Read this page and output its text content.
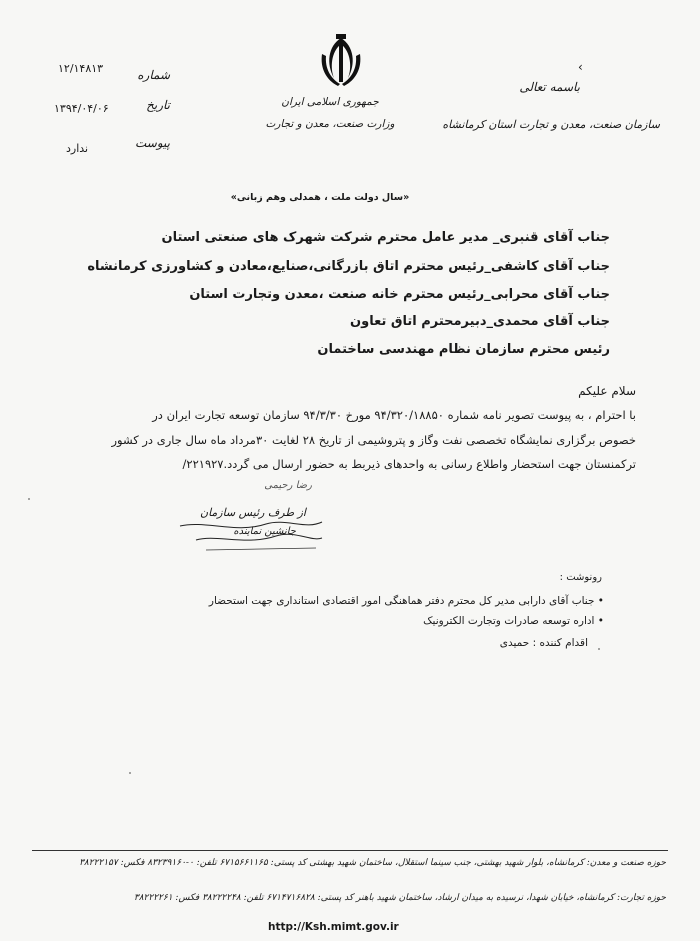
شماره
۱۲/۱۴۸۱۳
تاریخ
۱۳۹۴/۰۴/۰۶
پیوست
ندارد
جمهوری اسلامی ایران
وزارت صنعت، معدن و تجارت
باسمه تعالی
سازمان صنعت، معدن و تجارت استان کرمانشاه
‹
«سال دولت ملت ، همدلی وهم زبانی»
جناب آقای قنبری_ مدیر عامل محترم شرکت شهرک های صنعتی استان
جناب آقای کاشفی_رئیس محترم اتاق بازرگانی،صنایع،معادن و کشاورزی کرمانشاه
جناب آقای محرابی_رئیس محترم خانه صنعت ،معدن وتجارت استان
جناب آقای محمدی_دبیرمحترم اتاق تعاون
رئیس محترم سازمان نظام مهندسی ساختمان
سلام علیکم
با احترام ، به پیوست تصویر نامه شماره ۹۴/۳۲۰/۱۸۸۵۰ مورخ ۹۴/۳/۳۰ سازمان توسعه تجارت ایران در
خصوص برگزاری نمایشگاه تخصصی نفت وگاز و پتروشیمی از تاریخ ۲۸ لغایت ۳۰مرداد ماه سال جاری در کشور
ترکمنستان جهت استحضار واطلاع رسانی به واحدهای ذیربط به حضور ارسال می گردد.۲۲۱۹۲۷/
رضا رحیمی
از طرف رئیس سازمان
جانشین نماینده
رونوشت :
• جناب آقای دارابی مدیر کل محترم دفتر هماهنگی امور اقتصادی استانداری جهت استحضار
• اداره توسعه صادرات وتجارت الکترونیک
اقدام کننده : حمیدی
حوزه صنعت و معدن: کرمانشاه، بلوار شهید بهشتی، جنب سینما استقلال، ساختمان شهید بهشتی کد پستی: ۶۷۱۵۶۶۱۱۶۵ تلفن: ۰-۸۳۲۳۹۱۶۰ فکس: ۳۸۲۲۲۱۵۷
حوزه تجارت: کرمانشاه، خیابان شهدا، نرسیده به میدان ارشاد، ساختمان شهید باهنر کد پستی: ۶۷۱۴۷۱۶۸۲۸ تلفن: ۳۸۲۲۲۲۴۸ فکس: ۳۸۲۲۲۲۶۱
http://Ksh.mimt.gov.ir
